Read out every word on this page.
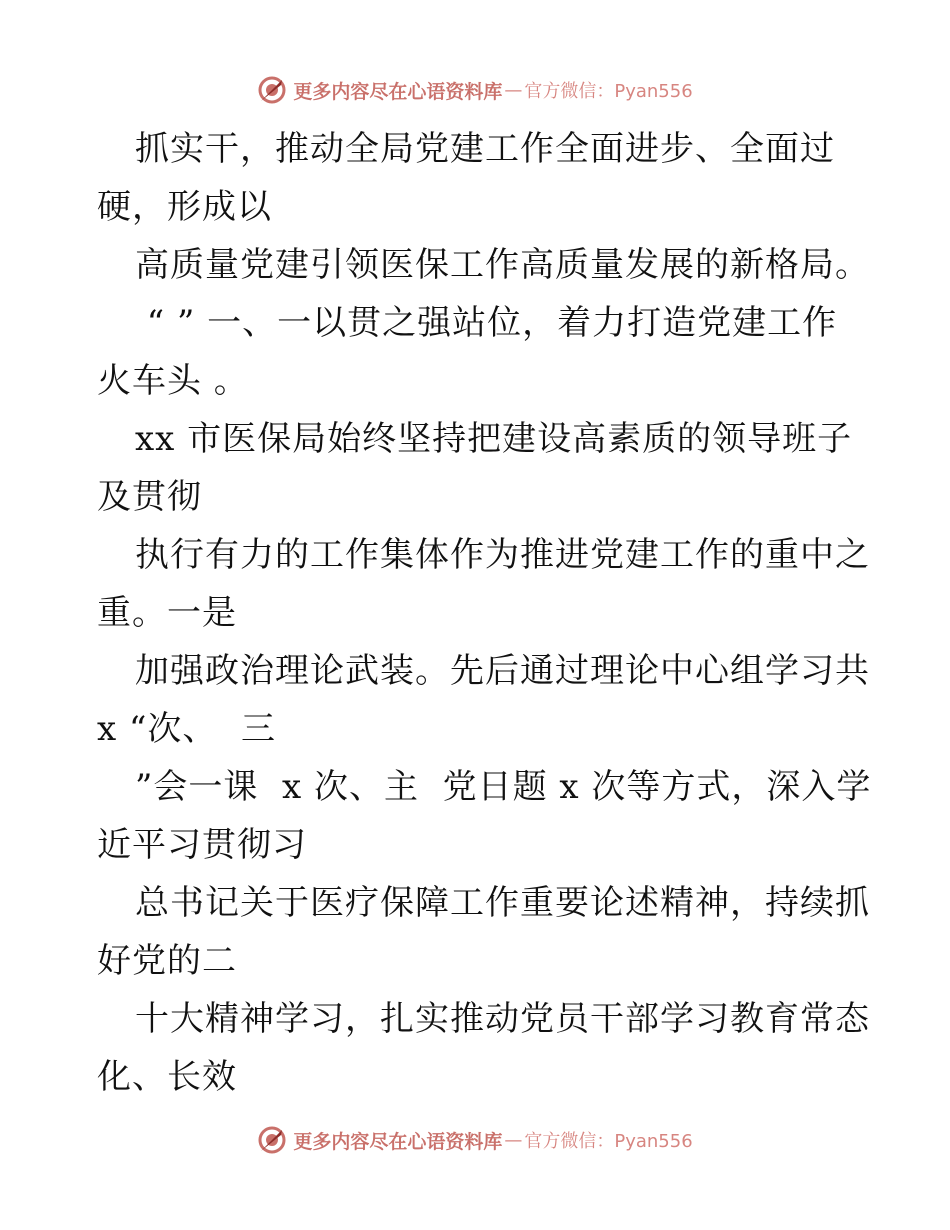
更多内容尽在心语资料库 — 官方微信：Pyan556
抓实干，推动全局党建工作全面进步、全面过
硬，形成以
高质量党建引领医保工作高质量发展的新格局。
“ ” 一、一以贯之强站位，着力打造党建工作
火车头 。
xx 市医保局始终坚持把建设高素质的领导班子
及贯彻
执行有力的工作集体作为推进党建工作的重中之
重。一是
加强政治理论武装。先后通过理论中心组学习共
x “次、  三
”会一课  x 次、主  党日题 x 次等方式，深入学
近平习贯彻习
总书记关于医疗保障工作重要论述精神，持续抓
好党的二
十大精神学习，扎实推动党员干部学习教育常态
化、长效
更多内容尽在心语资料库 — 官方微信：Pyan556
